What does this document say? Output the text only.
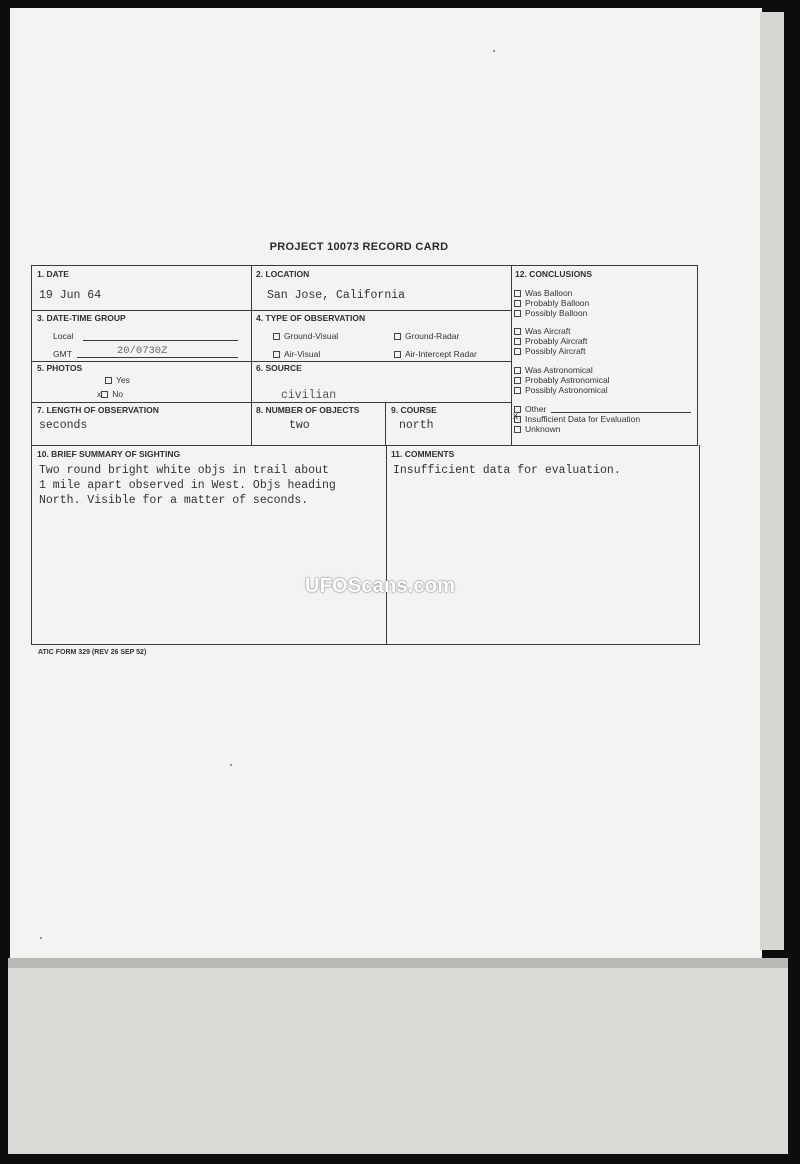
PROJECT 10073 RECORD CARD
1. DATE
19 Jun 64
2. LOCATION
San Jose, California
3. DATE-TIME GROUP
Local
GMT	20/0730Z
4. TYPE OF OBSERVATION
Ground-Visual	Ground-Radar
Air-Visual	Air-Intercept Radar
5. PHOTOS
Yes
x No
6. SOURCE
civilian
7. LENGTH OF OBSERVATION
seconds
8. NUMBER OF OBJECTS
two
9. COURSE
north
12. CONCLUSIONS
Was Balloon
Probably Balloon
Possibly Balloon
Was Aircraft
Probably Aircraft
Possibly Aircraft
Was Astronomical
Probably Astronomical
Possibly Astronomical
Other
x Insufficient Data for Evaluation
Unknown
10. BRIEF SUMMARY OF SIGHTING
Two round bright white objs in trail about
1 mile apart observed in West. Objs heading
North. Visible for a matter of seconds.
11. COMMENTS
Insufficient data for evaluation.
ATIC FORM 329 (REV 26 SEP 52)
UFOScans.com
